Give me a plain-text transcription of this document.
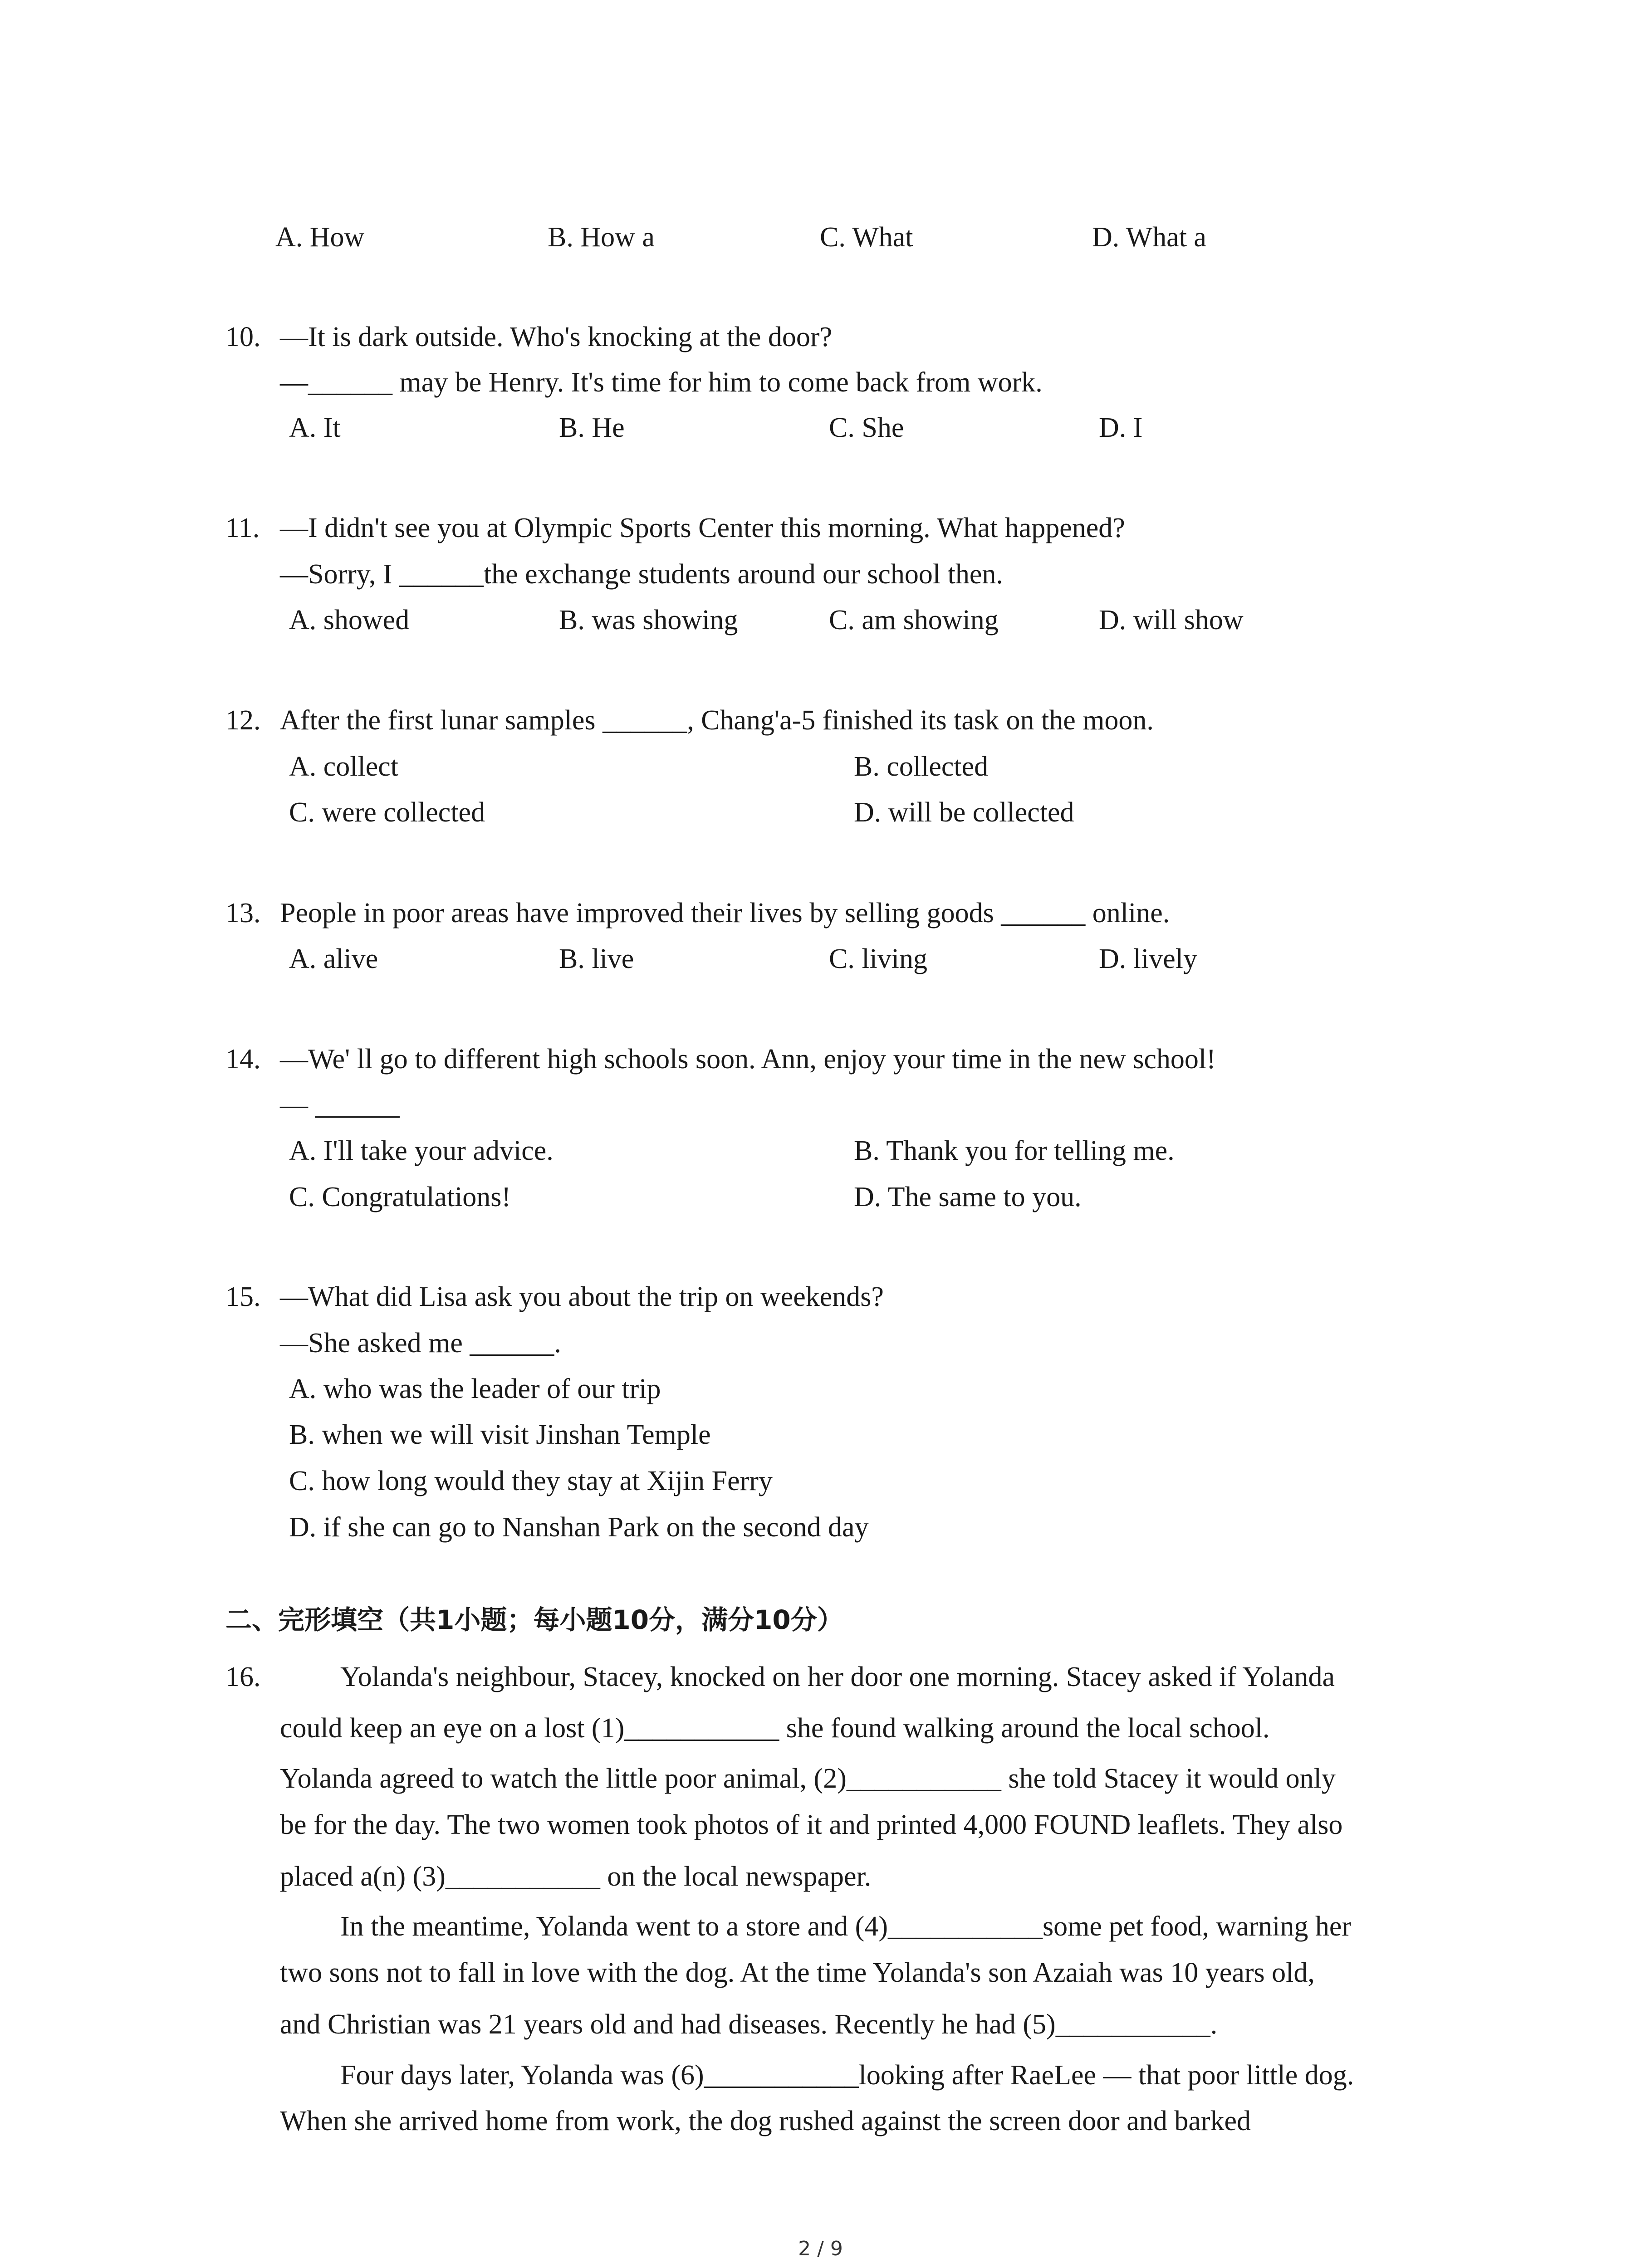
A. How	B. How a	C. What	D. What a
10. —It is dark outside. Who's knocking at the door?
—______ may be Henry. It's time for him to come back from work.
A. It	B. He	C. She	D. I
11. —I didn't see you at Olympic Sports Center this morning. What happened?
—Sorry, I ______the exchange students around our school then.
A. showed	B. was showing	C. am showing	D. will show
12. After the first lunar samples ______, Chang'a-5 finished its task on the moon.
A. collect	B. collected
C. were collected	D. will be collected
13. People in poor areas have improved their lives by selling goods ______ online.
A. alive	B. live	C. living	D. lively
14. —We' ll go to different high schools soon. Ann, enjoy your time in the new school!
— ______
A. I'll take your advice.	B. Thank you for telling me.
C. Congratulations!	D. The same to you.
15. —What did Lisa ask you about the trip on weekends?
—She asked me ______.
A. who was the leader of our trip
B. when we will visit Jinshan Temple
C. how long would they stay at Xijin Ferry
D. if she can go to Nanshan Park on the second day
二、完形填空（共1小题；每小题10分，满分10分）
16.	Yolanda's neighbour, Stacey, knocked on her door one morning. Stacey asked if Yolanda
could keep an eye on a lost (1)___________ she found walking around the local school.
Yolanda agreed to watch the little poor animal, (2)___________ she told Stacey it would only
be for the day. The two women took photos of it and printed 4,000 FOUND leaflets. They also
placed a(n) (3)___________ on the local newspaper.
In the meantime, Yolanda went to a store and (4)___________some pet food, warning her
two sons not to fall in love with the dog. At the time Yolanda's son Azaiah was 10 years old,
and Christian was 21 years old and had diseases. Recently he had (5)___________.
Four days later, Yolanda was (6)___________looking after RaeLee — that poor little dog.
When she arrived home from work, the dog rushed against the screen door and barked
2 / 9
